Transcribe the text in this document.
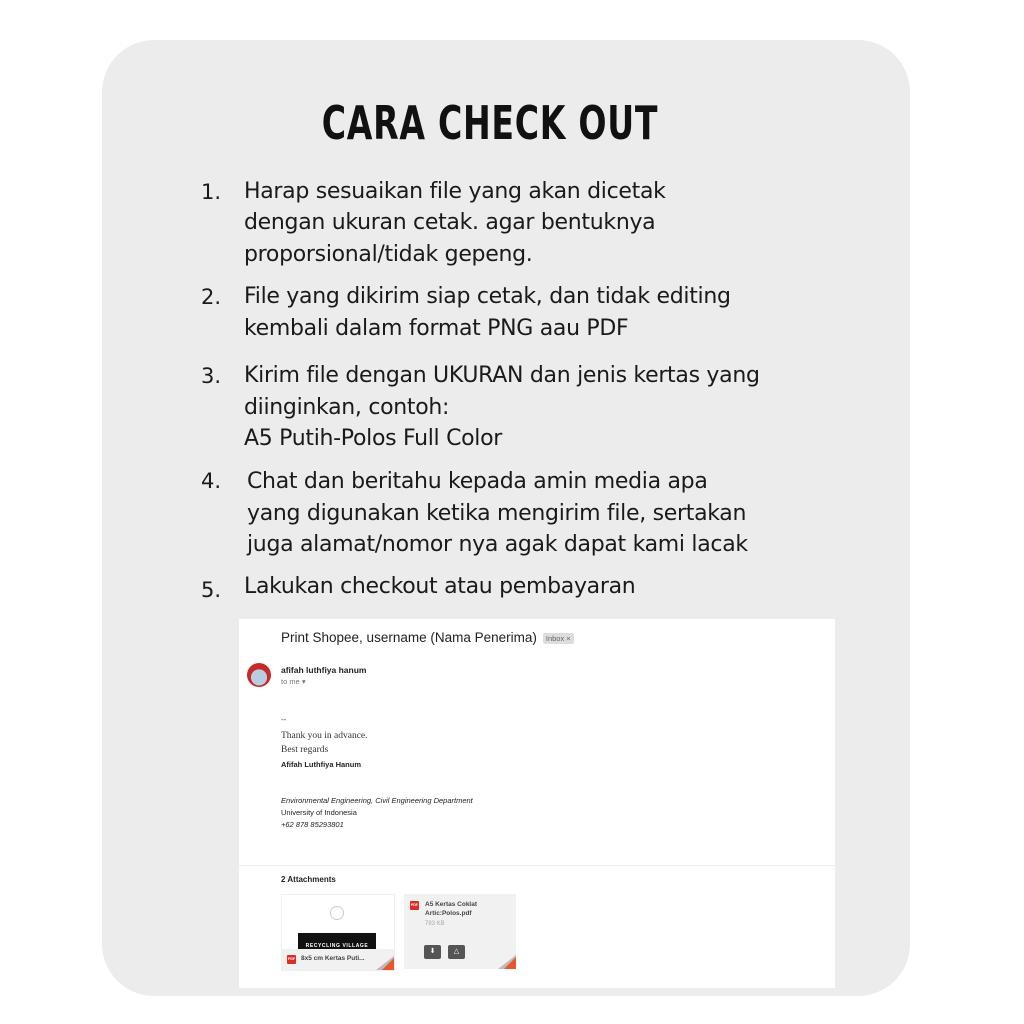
CARA CHECK OUT
1. Harap sesuaikan file yang akan dicetak
dengan ukuran cetak. agar bentuknya
proporsional/tidak gepeng.
2. File yang dikirim siap cetak, dan tidak editing
kembali dalam format PNG aau PDF
3. Kirim file dengan UKURAN dan jenis kertas yang
diinginkan, contoh:
A5 Putih-Polos Full Color
4. Chat dan beritahu kepada amin media apa
yang digunakan ketika mengirim file, sertakan
juga alamat/nomor nya agak dapat kami lacak
5. Lakukan checkout atau pembayaran
Print Shopee, username (Nama Penerima) Inbox ×
afifah luthfiya hanum
to me ▾
--
Thank you in advance.
Best regards
Afifah Luthfiya Hanum
Environmental Engineering, Civil Engineering Department
University of Indonesia
+62 878 85293801
2 Attachments
RECYCLING VILLAGE
PDF 8x5 cm Kertas Puti...
PDF A5 Kertas Coklat
Artic:Polos.pdf
783 KB
⬇	△
